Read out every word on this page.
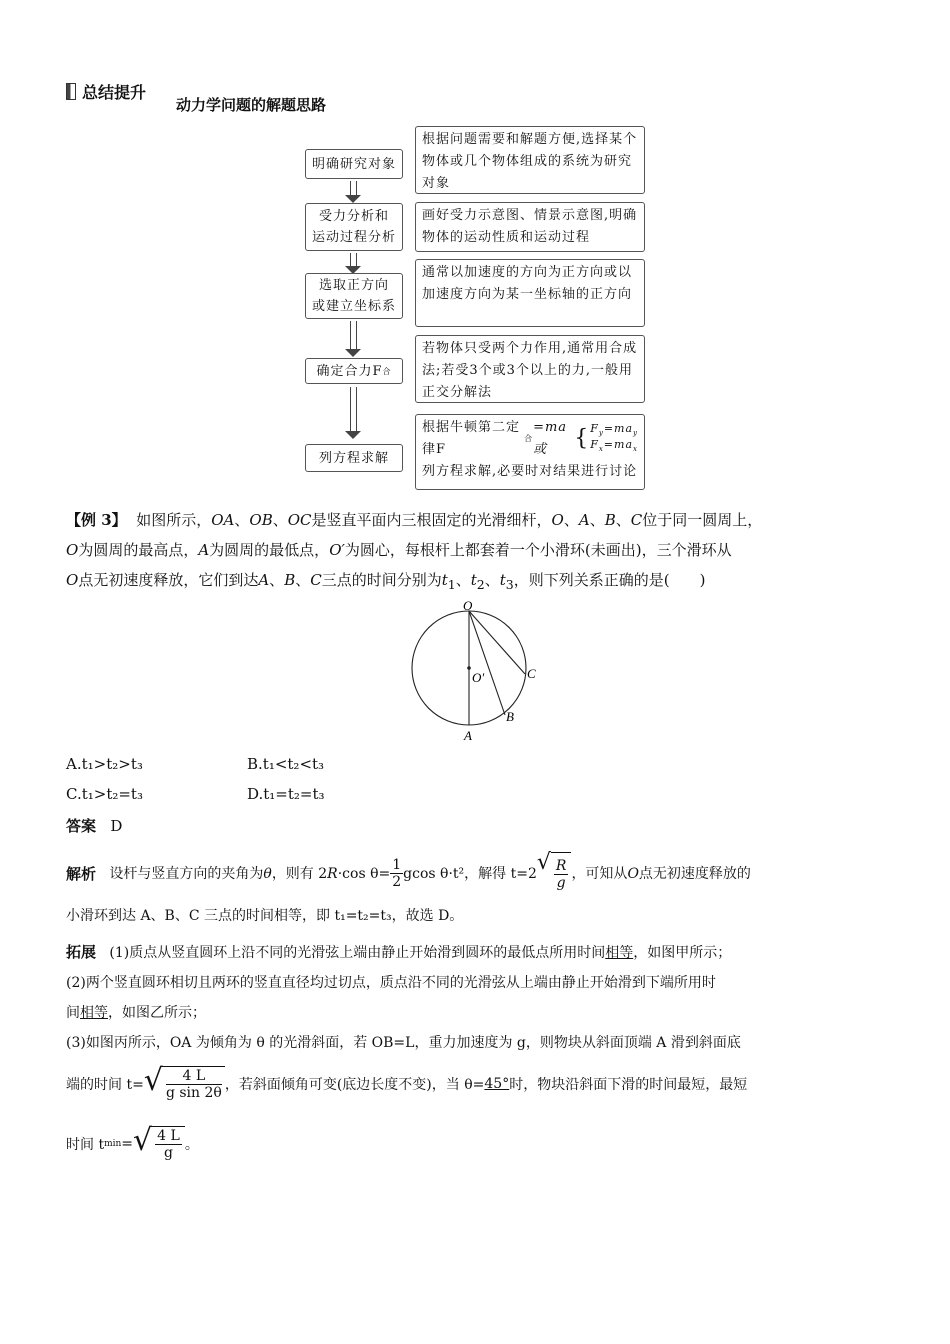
总结提升
动力学问题的解题思路
明确研究对象
根据问题需要和解题方便,选择某个物体或几个物体组成的系统为研究对象
受力分析和
运动过程分析
画好受力示意图、情景示意图,明确物体的运动性质和运动过程
选取正方向
或建立坐标系
通常以加速度的方向为正方向或以加速度方向为某一坐标轴的正方向
确定合力F 合
若物体只受两个力作用,通常用合成法;若受3个或3个以上的力,一般用正交分解法
列方程求解
根据牛顿第二定律F
合
=ma或	{ $F_y=ma_y$
$F_x=ma_x$
列方程求解,必要时对结果进行讨论
【例 3】 如图所示，OA、OB、OC是竖直平面内三根固定的光滑细杆，O、A、B、C位于同一圆周上，
O为圆周的最高点，A为圆周的最低点，O′为圆心，每根杆上都套着一个小滑环(未画出)，三个滑环从
O点无初速度释放，它们到达A、B、C三点的时间分别为$t_1$、$t_2$、$t_3$，则下列关系正确的是(　　)
O
O′	C
B
A
A.t₁>t₂>t₃	B.t₁<t₂<t₃
C.t₁>t₂=t₃	D.t₁=t₂=t₃
答案 D
解析
设杆与竖直方向的夹角为 θ ，则有 2 R ·cos $\theta= \frac{1}{2}$ gcos θ·t²，解得 t=2 √ $\frac{R}{g}$ ，可知从 O 点无初速度释放的
小滑环到达 A、B、C 三点的时间相等，即 t₁=t₂=t₃，故选 D。
拓展 (1)质点从竖直圆环上沿不同的光滑弦上端由静止开始滑到圆环的最低点所用时间相等，如图甲所示；
(2)两个竖直圆环相切且两环的竖直直径均过切点，质点沿不同的光滑弦从上端由静止开始滑到下端所用时
间相等，如图乙所示；
(3)如图丙所示，OA 为倾角为 θ 的光滑斜面，若 OB=L，重力加速度为 g，则物块从斜面顶端 A 滑到斜面底
端的时间 t= √ $\frac{4 L}{\text{g sin 2θ}}$ ，若斜面倾角可变(底边长度不变)，当 θ= 45° 时，物块沿斜面下滑的时间最短，最短
时间 t min = √ $\frac{4 L}{g}$ 。
